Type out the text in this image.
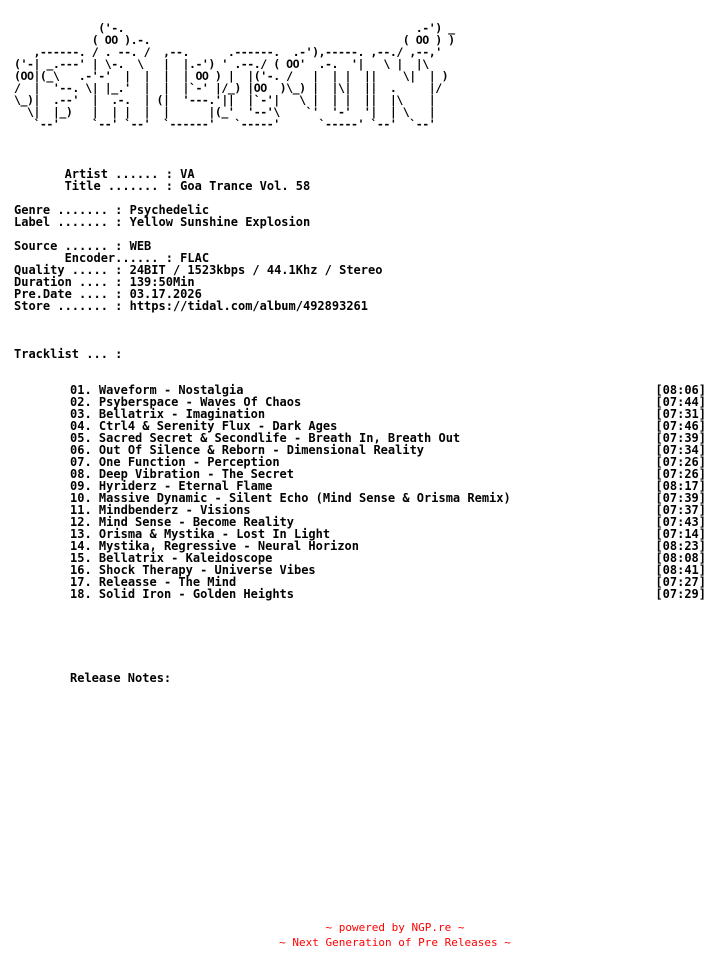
('-.                                             .-') _
( OO ).-.                                       ( OO ) )
,------. / . --. /  ,--.      .------.  .-'),-----. ,--./ ,--,'
('-| _.---' | \-.  \   |  |.-') ' .--./ ( OO'  .-.  '|   \ |  |\
(OO|(_\   .-'-'  |  |  |  | OO ) |  |('-. /   |  | |  ||    \|  | )
/  |  '--. \| |_.'  |  |  |`-' |/_) |OO  )\_) |  |\|  ||  .     |/
\_)|  .--'  |  .-.  | (|  '---.'||  |`-'|   \ |  | |  ||  |\    |
\|  |_)   |  | |  |  |      |(_'  '--'\    `'  '-'  '|  | \   |
`--'     `--' `--'  `------'   `-----'      `-----' `--'  `--'
Artist ...... : VA
Title ....... : Goa Trance Vol. 58
Genre ....... : Psychedelic
Label ....... : Yellow Sunshine Explosion
Source ...... : WEB
Encoder...... : FLAC
Quality ..... : 24BIT / 1523kbps / 44.1Khz / Stereo
Duration .... : 139:50Min
Pre.Date .... : 03.17.2026
Store ....... : https://tidal.com/album/492893261
Tracklist ... :
01. Waveform - Nostalgia	[08:06]
02. Psyberspace - Waves Of Chaos	[07:44]
03. Bellatrix - Imagination	[07:31]
04. Ctrl4 & Serenity Flux - Dark Ages	[07:46]
05. Sacred Secret & Secondlife - Breath In, Breath Out	[07:39]
06. Out Of Silence & Reborn - Dimensional Reality	[07:34]
07. One Function - Perception	[07:26]
08. Deep Vibration - The Secret	[07:26]
09. Hyriderz - Eternal Flame	[08:17]
10. Massive Dynamic - Silent Echo (Mind Sense & Orisma Remix)	[07:39]
11. Mindbenderz - Visions	[07:37]
12. Mind Sense - Become Reality	[07:43]
13. Orisma & Mystika - Lost In Light	[07:14]
14. Mystika, Regressive - Neural Horizon	[08:23]
15. Bellatrix - Kaleidoscope	[08:08]
16. Shock Therapy - Universe Vibes	[08:41]
17. Releasse - The Mind	[07:27]
18. Solid Iron - Golden Heights	[07:29]
Release Notes:
~ powered by NGP.re ~
~ Next Generation of Pre Releases ~
